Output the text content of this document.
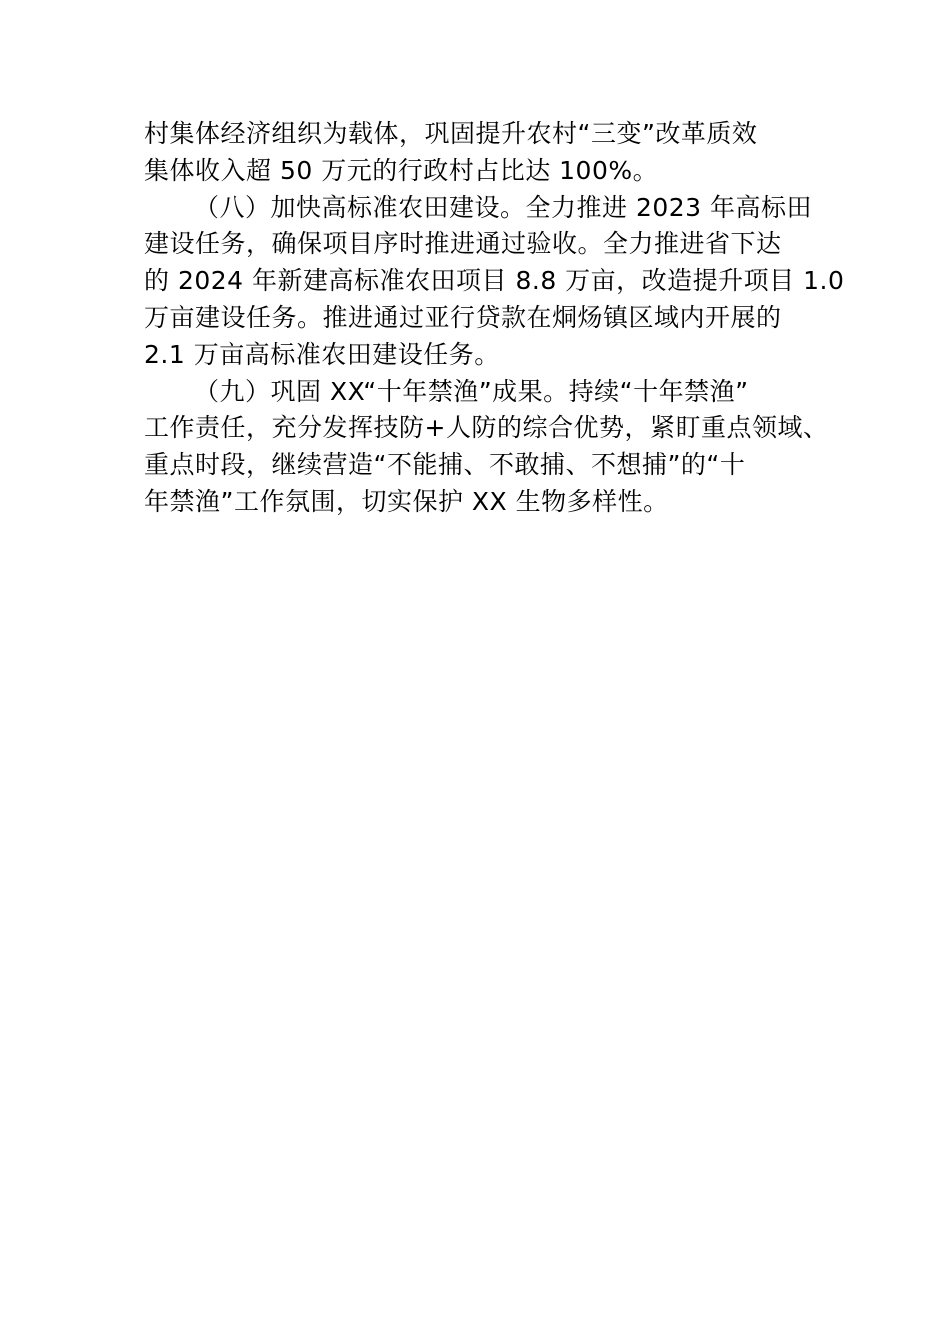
村集体经济组织为载体，巩固提升农村“三变”改革质效
集体收入超 50 万元的行政村占比达 100%。
（八）加快高标准农田建设。全力推进 2023 年高标田
建设任务，确保项目序时推进通过验收。全力推进省下达
的 2024 年新建高标准农田项目 8.8 万亩，改造提升项目 1.0
万亩建设任务。推进通过亚行贷款在烔炀镇区域内开展的
2.1 万亩高标准农田建设任务。
（九）巩固 XX“十年禁渔”成果。持续“十年禁渔”
工作责任，充分发挥技防+人防的综合优势，紧盯重点领域、
重点时段，继续营造“不能捕、不敢捕、不想捕”的“十
年禁渔”工作氛围，切实保护 XX 生物多样性。
